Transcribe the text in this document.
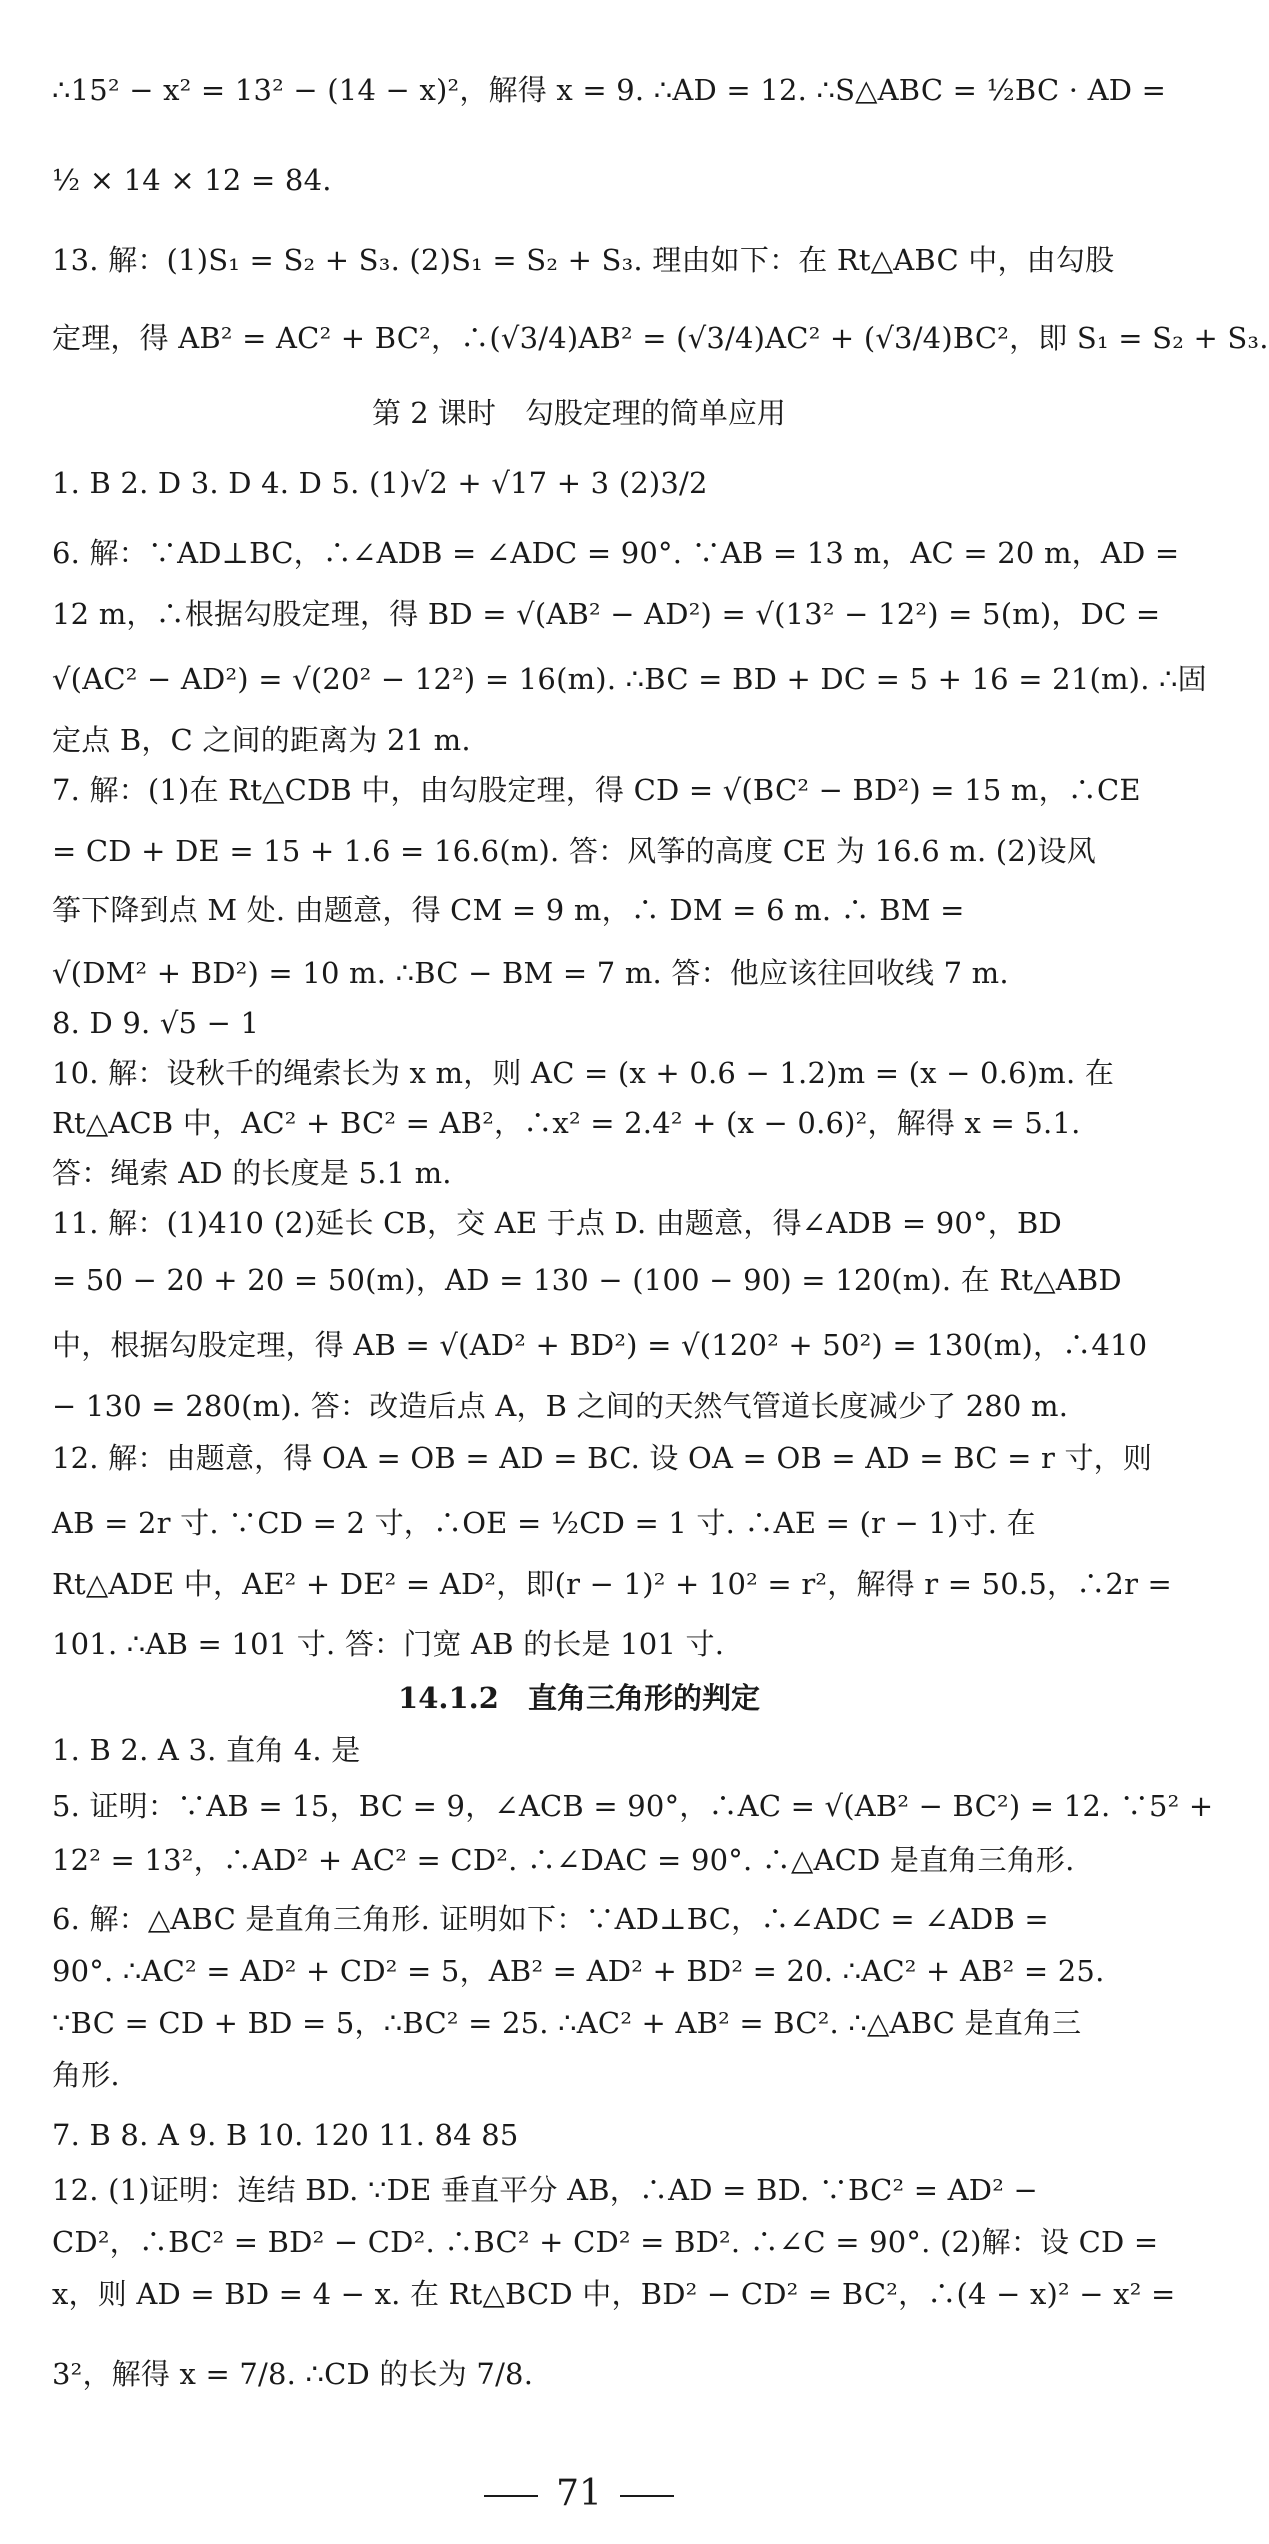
∴15² − x² = 13² − (14 − x)²，解得 x = 9. ∴AD = 12. ∴S△ABC = ½BC · AD =
½ × 14 × 12 = 84.
13. 解：(1)S₁ = S₂ + S₃. (2)S₁ = S₂ + S₃. 理由如下：在 Rt△ABC 中，由勾股
定理，得 AB² = AC² + BC²，∴(√3/4)AB² = (√3/4)AC² + (√3/4)BC²，即 S₁ = S₂ + S₃.
第 2 课时　勾股定理的简单应用
1. B 2. D 3. D 4. D 5. (1)√2 + √17 + 3 (2)3/2
6. 解：∵AD⊥BC，∴∠ADB = ∠ADC = 90°. ∵AB = 13 m，AC = 20 m，AD =
12 m，∴根据勾股定理，得 BD = √(AB² − AD²) = √(13² − 12²) = 5(m)，DC =
√(AC² − AD²) = √(20² − 12²) = 16(m). ∴BC = BD + DC = 5 + 16 = 21(m). ∴固
定点 B，C 之间的距离为 21 m.
7. 解：(1)在 Rt△CDB 中，由勾股定理，得 CD = √(BC² − BD²) = 15 m，∴CE
= CD + DE = 15 + 1.6 = 16.6(m). 答：风筝的高度 CE 为 16.6 m. (2)设风
筝下降到点 M 处. 由题意，得 CM = 9 m，∴ DM = 6 m. ∴ BM =
√(DM² + BD²) = 10 m. ∴BC − BM = 7 m. 答：他应该往回收线 7 m.
8. D 9. √5 − 1
10. 解：设秋千的绳索长为 x m，则 AC = (x + 0.6 − 1.2)m = (x − 0.6)m. 在
Rt△ACB 中，AC² + BC² = AB²，∴x² = 2.4² + (x − 0.6)²，解得 x = 5.1.
答：绳索 AD 的长度是 5.1 m.
11. 解：(1)410 (2)延长 CB，交 AE 于点 D. 由题意，得∠ADB = 90°，BD
= 50 − 20 + 20 = 50(m)，AD = 130 − (100 − 90) = 120(m). 在 Rt△ABD
中，根据勾股定理，得 AB = √(AD² + BD²) = √(120² + 50²) = 130(m)，∴410
− 130 = 280(m). 答：改造后点 A，B 之间的天然气管道长度减少了 280 m.
12. 解：由题意，得 OA = OB = AD = BC. 设 OA = OB = AD = BC = r 寸，则
AB = 2r 寸. ∵CD = 2 寸，∴OE = ½CD = 1 寸. ∴AE = (r − 1)寸. 在
Rt△ADE 中，AE² + DE² = AD²，即(r − 1)² + 10² = r²，解得 r = 50.5，∴2r =
101. ∴AB = 101 寸. 答：门宽 AB 的长是 101 寸.
14.1.2　直角三角形的判定
1. B 2. A 3. 直角 4. 是
5. 证明：∵AB = 15，BC = 9，∠ACB = 90°，∴AC = √(AB² − BC²) = 12. ∵5² +
12² = 13²，∴AD² + AC² = CD². ∴∠DAC = 90°. ∴△ACD 是直角三角形.
6. 解：△ABC 是直角三角形. 证明如下：∵AD⊥BC，∴∠ADC = ∠ADB =
90°. ∴AC² = AD² + CD² = 5，AB² = AD² + BD² = 20. ∴AC² + AB² = 25.
∵BC = CD + BD = 5，∴BC² = 25. ∴AC² + AB² = BC². ∴△ABC 是直角三
角形.
7. B 8. A 9. B 10. 120 11. 84 85
12. (1)证明：连结 BD. ∵DE 垂直平分 AB，∴AD = BD. ∵BC² = AD² −
CD²，∴BC² = BD² − CD². ∴BC² + CD² = BD². ∴∠C = 90°. (2)解：设 CD =
x，则 AD = BD = 4 − x. 在 Rt△BCD 中，BD² − CD² = BC²，∴(4 − x)² − x² =
3²，解得 x = 7/8. ∴CD 的长为 7/8.
71
